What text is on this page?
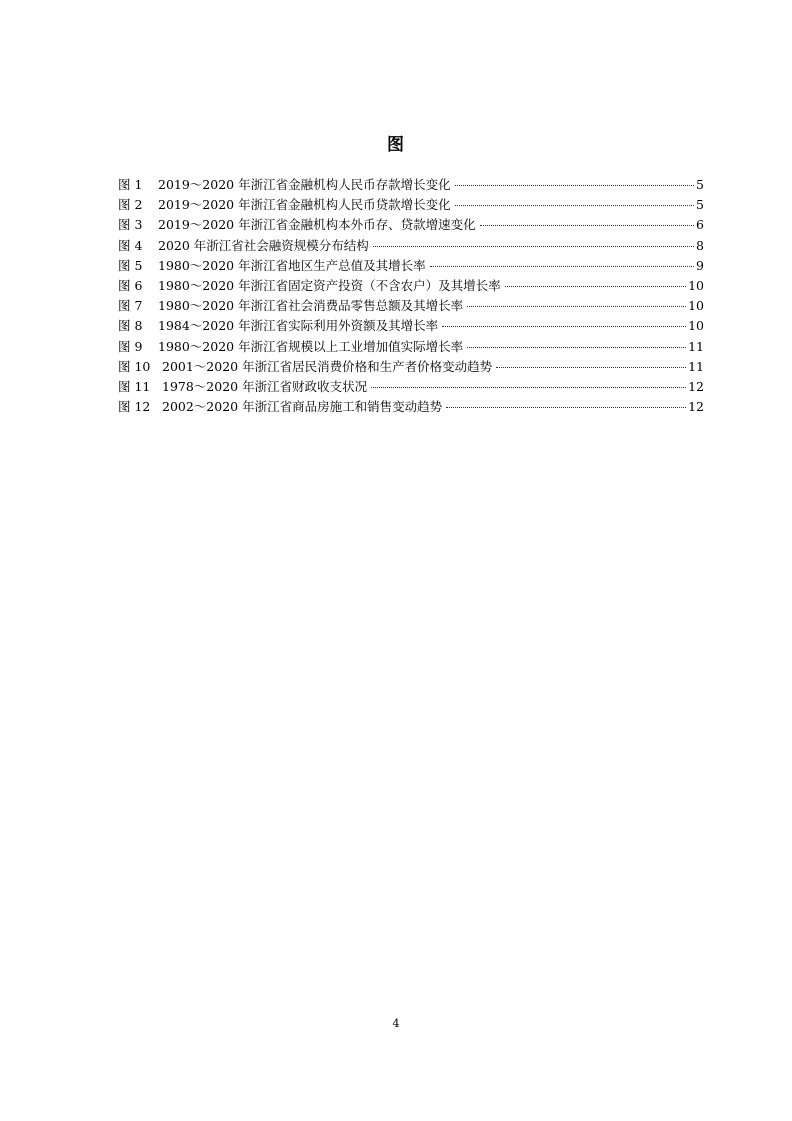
图
图 1	2019～2020 年浙江省金融机构人民币存款增长变化	5
图 2	2019～2020 年浙江省金融机构人民币贷款增长变化	5
图 3	2019～2020 年浙江省金融机构本外币存、贷款增速变化	6
图 4	2020 年浙江省社会融资规模分布结构	8
图 5	1980～2020 年浙江省地区生产总值及其增长率	9
图 6	1980～2020 年浙江省固定资产投资（不含农户）及其增长率	10
图 7	1980～2020 年浙江省社会消费品零售总额及其增长率	10
图 8	1984～2020 年浙江省实际利用外资额及其增长率	10
图 9	1980～2020 年浙江省规模以上工业增加值实际增长率	11
图 10 2001～2020 年浙江省居民消费价格和生产者价格变动趋势	11
图 11 1978～2020 年浙江省财政收支状况	12
图 12 2002～2020 年浙江省商品房施工和销售变动趋势	12
4
